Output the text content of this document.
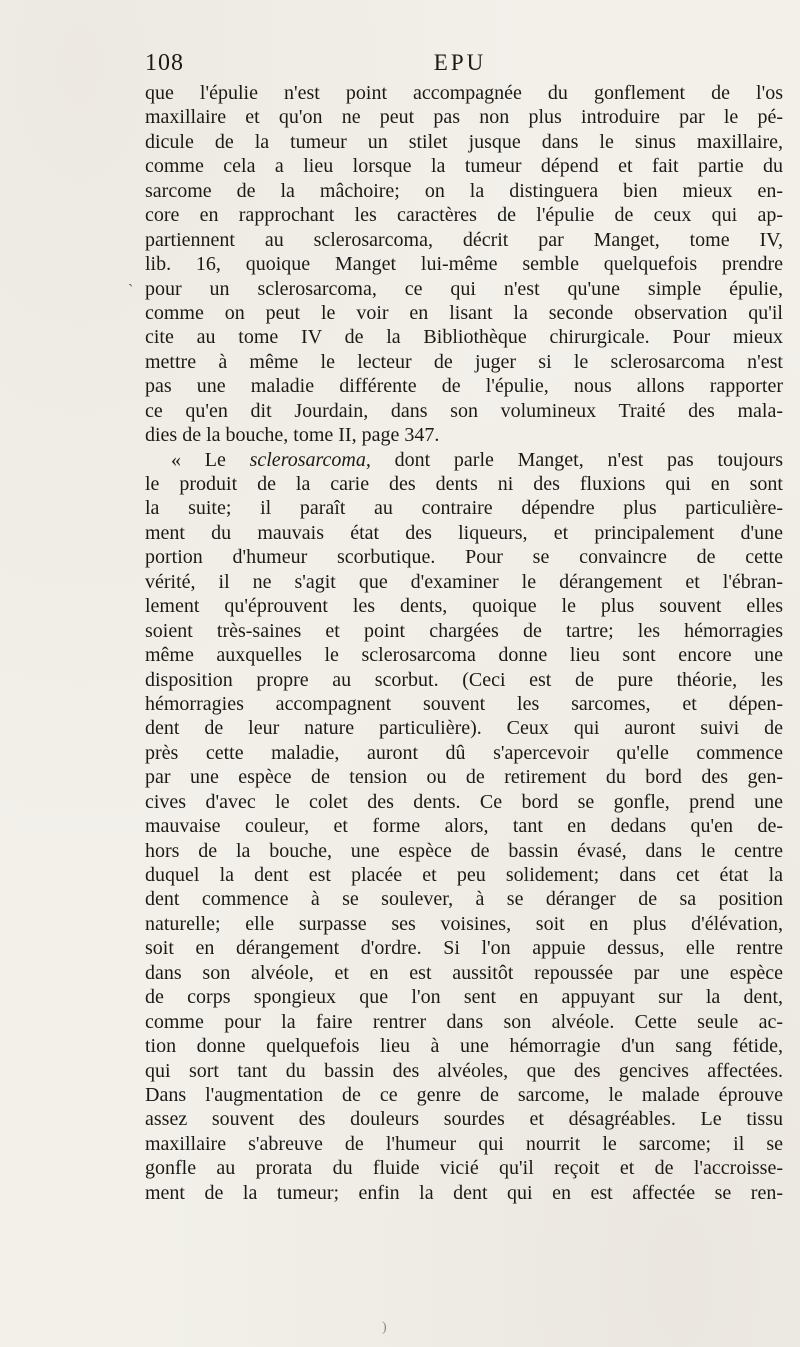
108	EPU
ˎ
que l'épulie n'est point accompagnée du gonflement de l'os
maxillaire et qu'on ne peut pas non plus introduire par le pé-
dicule de la tumeur un stilet jusque dans le sinus maxillaire,
comme cela a lieu lorsque la tumeur dépend et fait partie du
sarcome de la mâchoire; on la distinguera bien mieux en-
core en rapprochant les caractères de l'épulie de ceux qui ap-
partiennent au sclerosarcoma, décrit par Manget, tome IV,
lib. 16, quoique Manget lui-même semble quelquefois prendre
pour un sclerosarcoma, ce qui n'est qu'une simple épulie,
comme on peut le voir en lisant la seconde observation qu'il
cite au tome IV de la Bibliothèque chirurgicale. Pour mieux
mettre à même le lecteur de juger si le sclerosarcoma n'est
pas une maladie différente de l'épulie, nous allons rapporter
ce qu'en dit Jourdain, dans son volumineux Traité des mala-
dies de la bouche, tome II, page 347.
« Le sclerosarcoma, dont parle Manget, n'est pas toujours
le produit de la carie des dents ni des fluxions qui en sont
la suite; il paraît au contraire dépendre plus particulière-
ment du mauvais état des liqueurs, et principalement d'une
portion d'humeur scorbutique. Pour se convaincre de cette
vérité, il ne s'agit que d'examiner le dérangement et l'ébran-
lement qu'éprouvent les dents, quoique le plus souvent elles
soient très-saines et point chargées de tartre; les hémorragies
même auxquelles le sclerosarcoma donne lieu sont encore une
disposition propre au scorbut. (Ceci est de pure théorie, les
hémorragies accompagnent souvent les sarcomes, et dépen-
dent de leur nature particulière). Ceux qui auront suivi de
près cette maladie, auront dû s'apercevoir qu'elle commence
par une espèce de tension ou de retirement du bord des gen-
cives d'avec le colet des dents. Ce bord se gonfle, prend une
mauvaise couleur, et forme alors, tant en dedans qu'en de-
hors de la bouche, une espèce de bassin évasé, dans le centre
duquel la dent est placée et peu solidement; dans cet état la
dent commence à se soulever, à se déranger de sa position
naturelle; elle surpasse ses voisines, soit en plus d'élévation,
soit en dérangement d'ordre. Si l'on appuie dessus, elle rentre
dans son alvéole, et en est aussitôt repoussée par une espèce
de corps spongieux que l'on sent en appuyant sur la dent,
comme pour la faire rentrer dans son alvéole. Cette seule ac-
tion donne quelquefois lieu à une hémorragie d'un sang fétide,
qui sort tant du bassin des alvéoles, que des gencives affectées.
Dans l'augmentation de ce genre de sarcome, le malade éprouve
assez souvent des douleurs sourdes et désagréables. Le tissu
maxillaire s'abreuve de l'humeur qui nourrit le sarcome; il se
gonfle au prorata du fluide vicié qu'il reçoit et de l'accroisse-
ment de la tumeur; enfin la dent qui en est affectée se ren-
)
